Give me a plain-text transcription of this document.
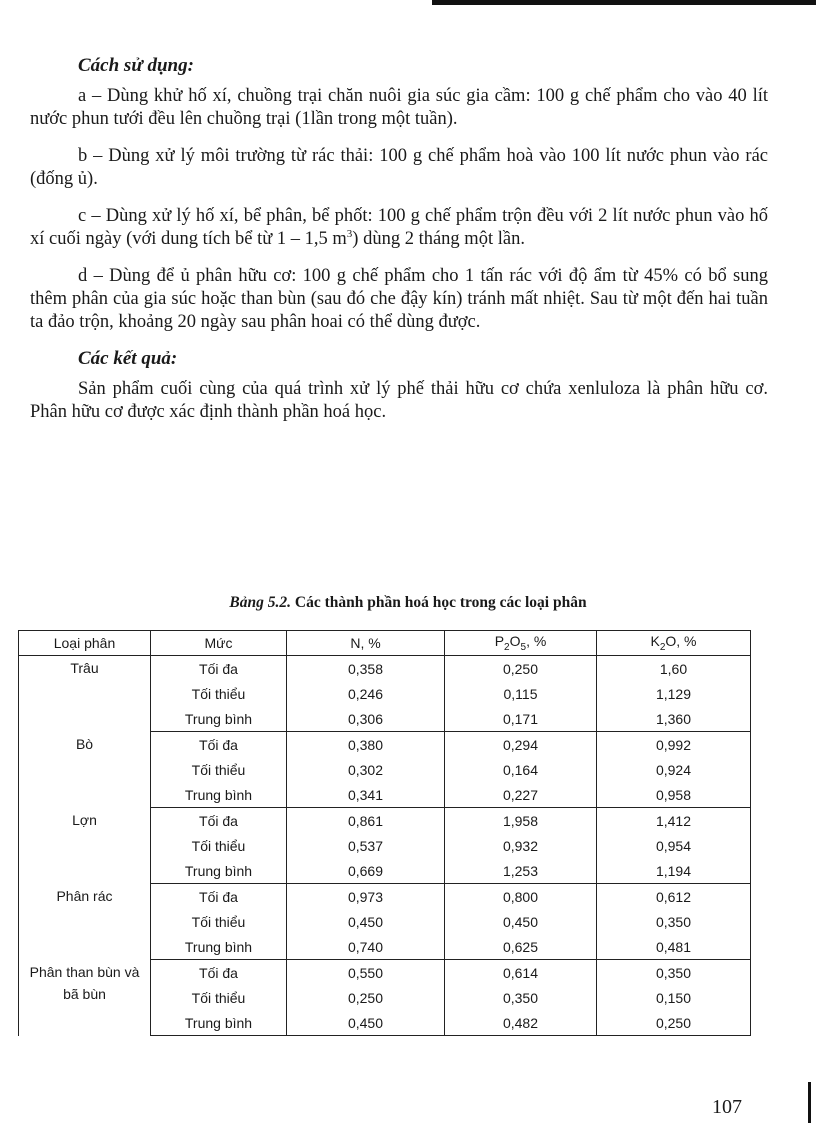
Cách sử dụng:

a – Dùng khử hố xí, chuồng trại chăn nuôi gia súc gia cầm: 100 g chế phẩm cho vào 40 lít nước phun tưới đều lên chuồng trại (1lần trong một tuần).

b – Dùng xử lý môi trường từ rác thải: 100 g chế phẩm hoà vào 100 lít nước phun vào rác (đống ủ).

c – Dùng xử lý hố xí, bể phân, bể phốt: 100 g chế phẩm trộn đều với 2 lít nước phun vào hố xí cuối ngày (với dung tích bể từ 1 – 1,5 $m^3$) dùng 2 tháng một lần.

d – Dùng để ủ phân hữu cơ: 100 g chế phẩm cho 1 tấn rác với độ ẩm từ 45% có bổ sung thêm phân của gia súc hoặc than bùn (sau đó che đậy kín) tránh mất nhiệt. Sau từ một đến hai tuần ta đảo trộn, khoảng 20 ngày sau phân hoai có thể dùng được.

Các kết quả:

Sản phẩm cuối cùng của quá trình xử lý phế thải hữu cơ chứa xenluloza là phân hữu cơ. Phân hữu cơ được xác định thành phần hoá học.

Bảng 5.2. Các thành phần hoá học trong các loại phân
Loại phân	Mức	N, %	$P_2O_5$, %	$K_2O$, %
Trâu	Tối đa	0,358	0,250	1,60
	Tối thiểu	0,246	0,115	1,129
	Trung bình	0,306	0,171	1,360
Bò	Tối đa	0,380	0,294	0,992
	Tối thiểu	0,302	0,164	0,924
	Trung bình	0,341	0,227	0,958
Lợn	Tối đa	0,861	1,958	1,412
	Tối thiểu	0,537	0,932	0,954
	Trung bình	0,669	1,253	1,194
Phân rác	Tối đa	0,973	0,800	0,612
	Tối thiểu	0,450	0,450	0,350
	Trung bình	0,740	0,625	0,481
Phân than bùn và bã bùn	Tối đa	0,550	0,614	0,350
	Tối thiểu	0,250	0,350	0,150
	Trung bình	0,450	0,482	0,250
107
